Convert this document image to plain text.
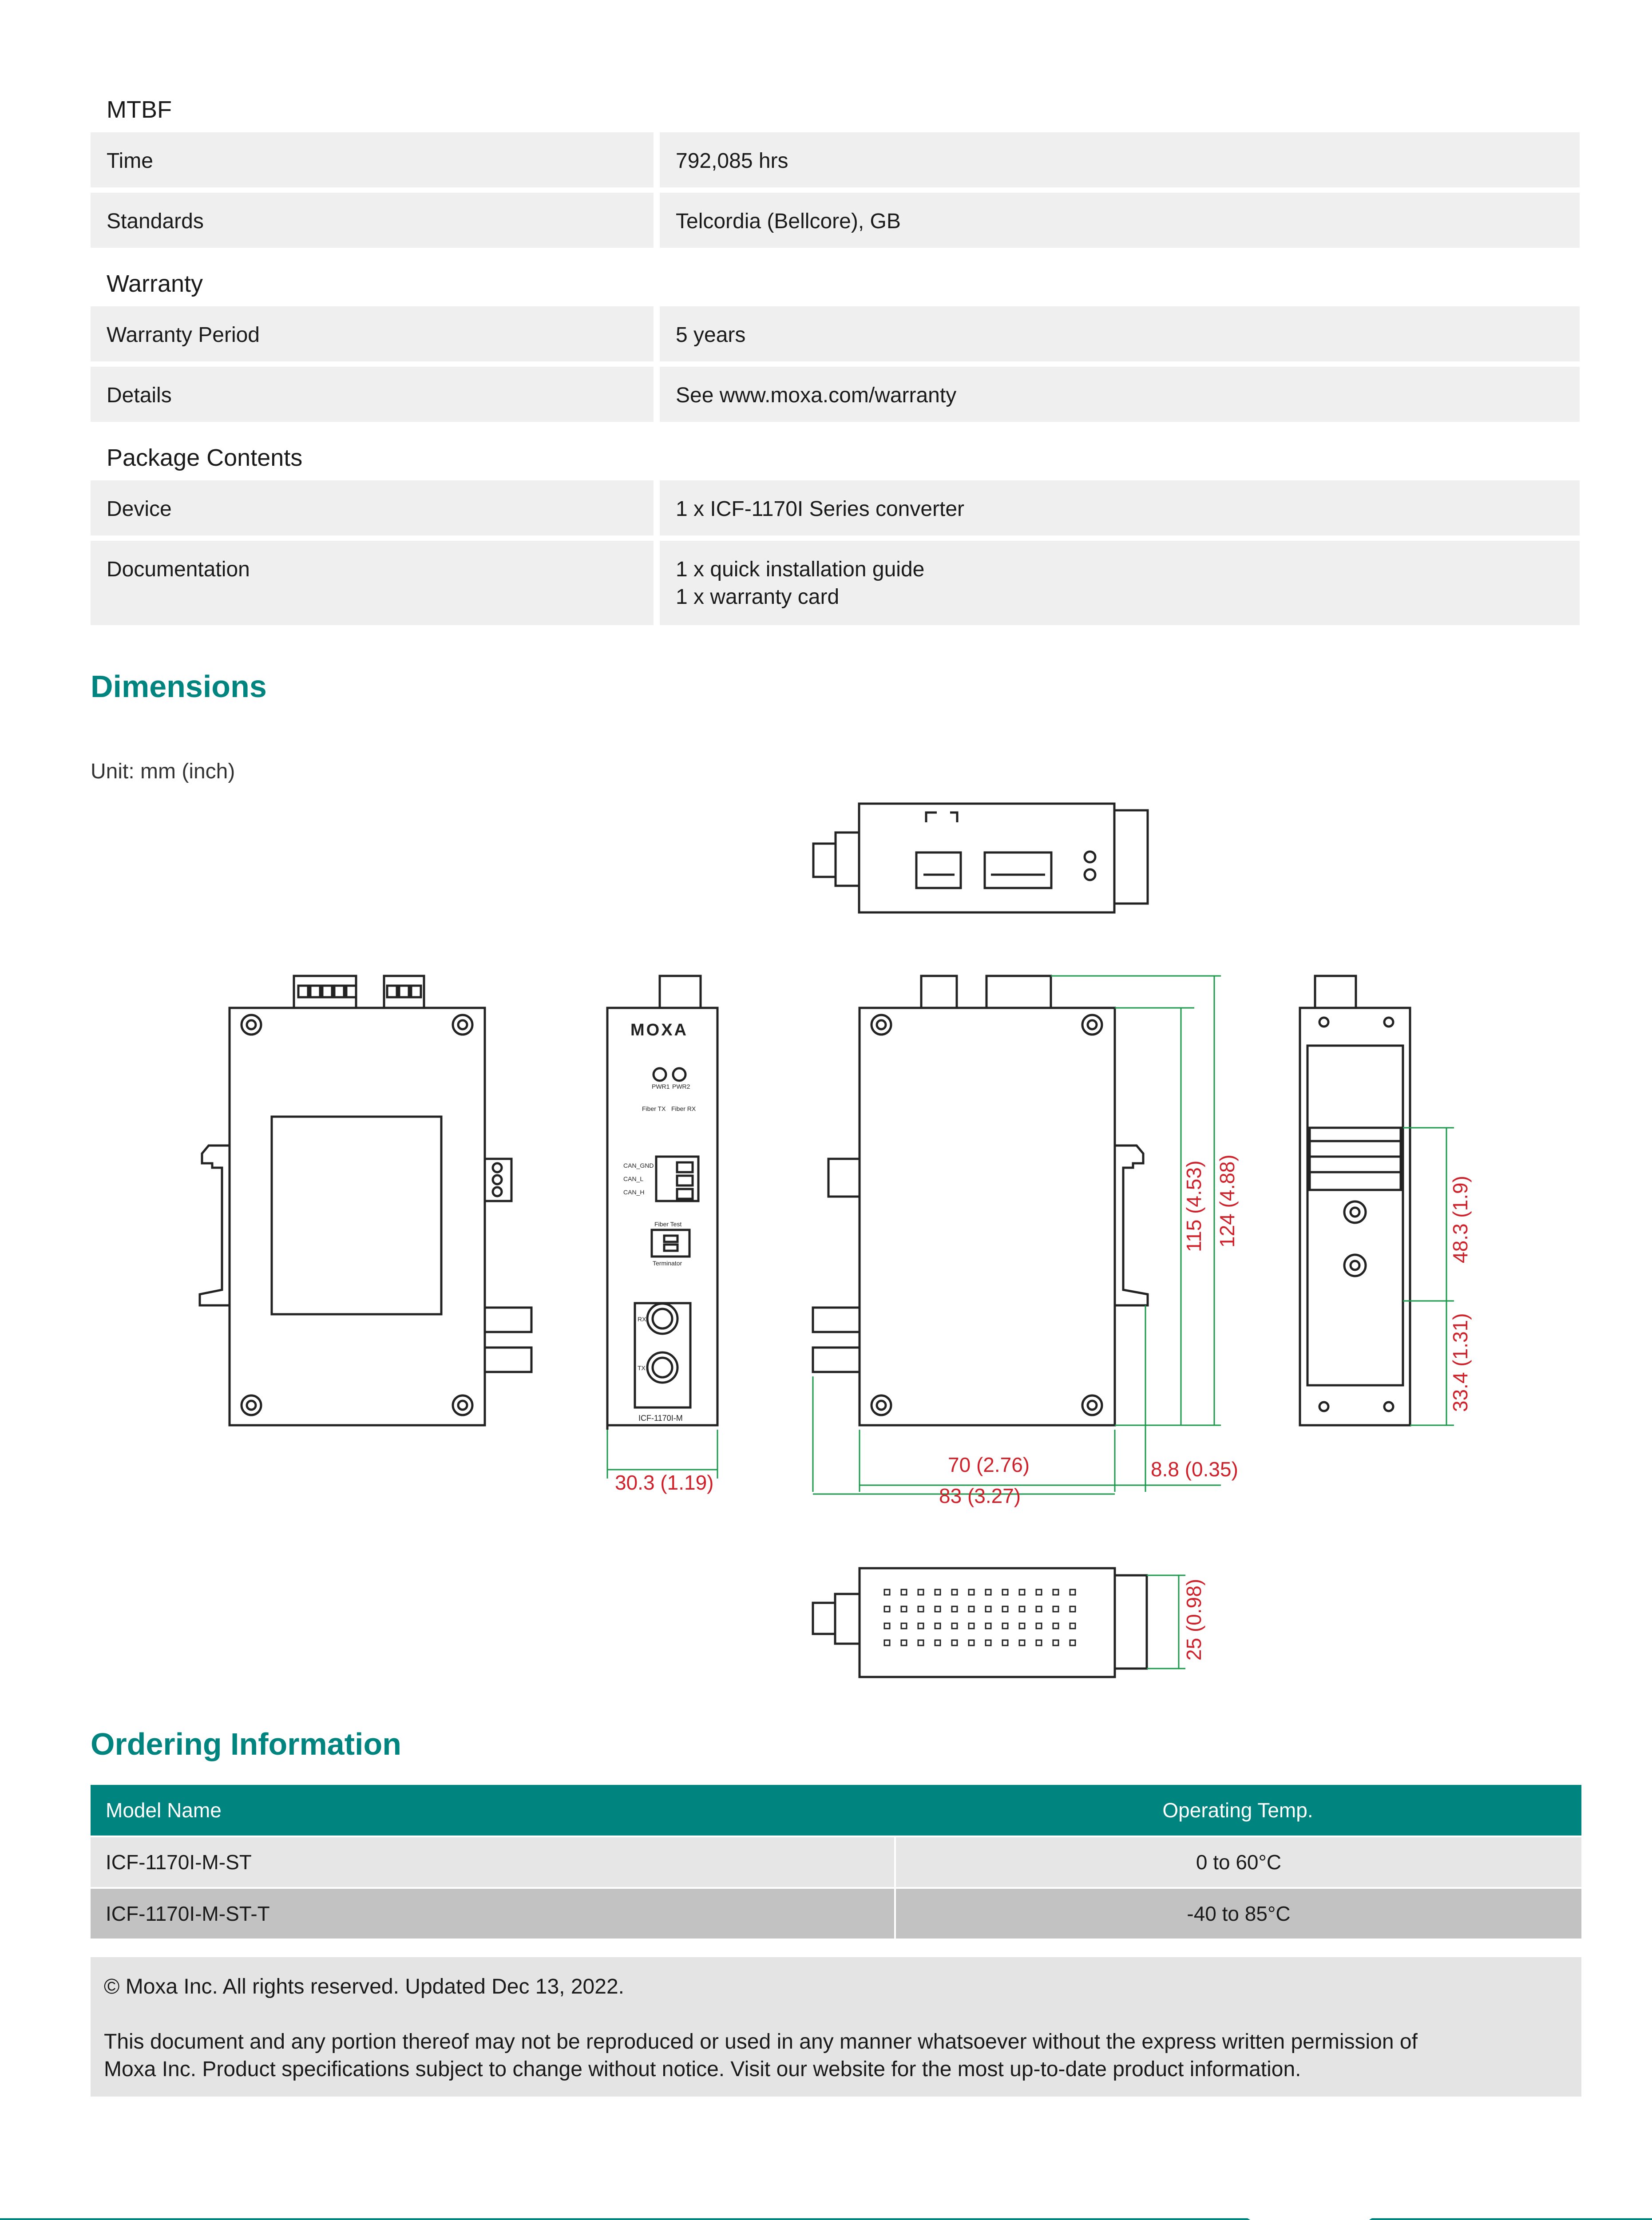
MTBF
Time	792,085 hrs
Standards	Telcordia (Bellcore), GB
Warranty
Warranty Period	5 years
Details	See www.moxa.com/warranty
Package Contents
Device	1 x ICF-1170I Series converter
Documentation	1 x quick installation guide
1 x warranty card
Dimensions
Unit: mm (inch)
MOXA
PWR1 PWR2
Fiber TX Fiber RX
CAN_GND
CAN_L
CAN_H
Fiber Test
Terminator
RX
TX
ICF-1170I-M
30.3 (1.19)
70 (2.76)
83 (3.27)
8.8 (0.35)
115 (4.53) 124 (4.88)	48.3 (1.9)
33.4 (1.31)
25 (0.98)
Ordering Information
Model Name	Operating Temp.
ICF-1170I-M-ST	0 to 60°C
ICF-1170I-M-ST-T	-40 to 85°C

© Moxa Inc. All rights reserved. Updated Dec 13, 2022.

This document and any portion thereof may not be reproduced or used in any manner whatsoever without the express written permission of

Moxa Inc. Product specifications subject to change without notice. Visit our website for the most up-to-date product information.
